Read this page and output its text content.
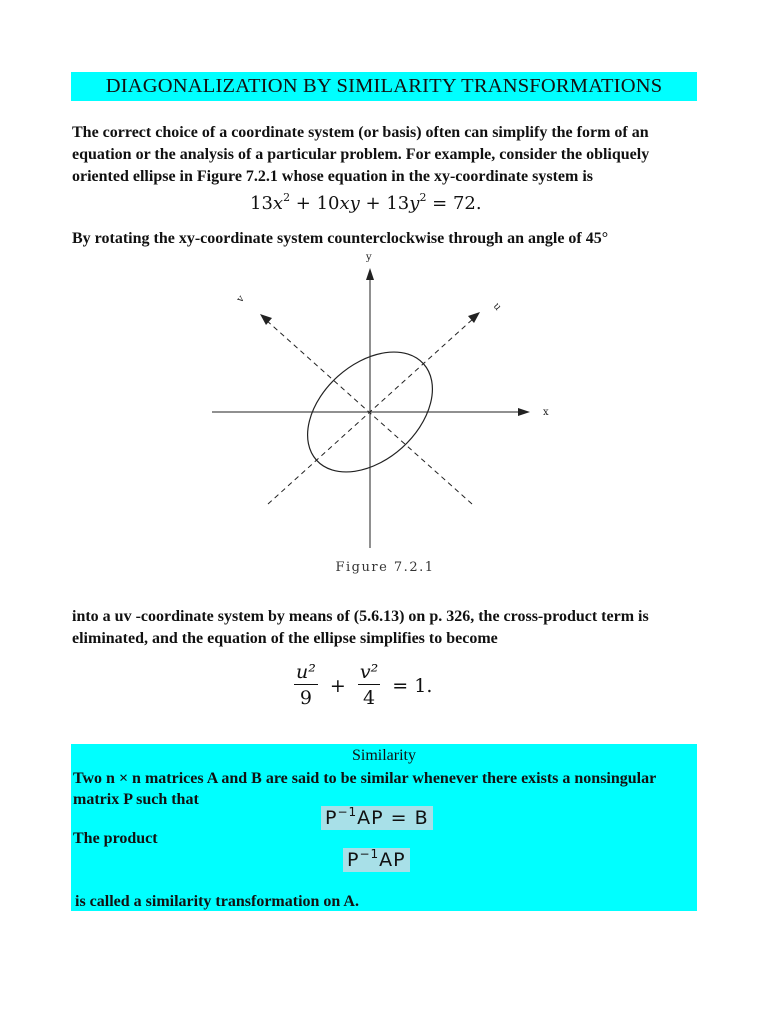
DIAGONALIZATION BY SIMILARITY TRANSFORMATIONS
The correct choice of a coordinate system (or basis) often can simplify the form of an
equation or the analysis of a particular problem. For example, consider the obliquely
oriented ellipse in Figure 7.2.1 whose equation in the xy-coordinate system is
$13x^2 + 10xy + 13y^2 = 72$.
By rotating the xy-coordinate system counterclockwise through an angle of 45°
x
y
u
v
Figure 7.2.1
into a uv -coordinate system by means of (5.6.13) on p. 326, the cross-product term is
eliminated, and the equation of the ellipse simplifies to become
$\frac{\text{u²}}{9} + \frac{\text{v²}}{4} = 1$.
Similarity
Two n × n matrices A and B are said to be similar whenever there exists a nonsingular
matrix P such that
$P^{-1}AP = B$
The product
$P^{-1}AP$
is called a similarity transformation on A.
